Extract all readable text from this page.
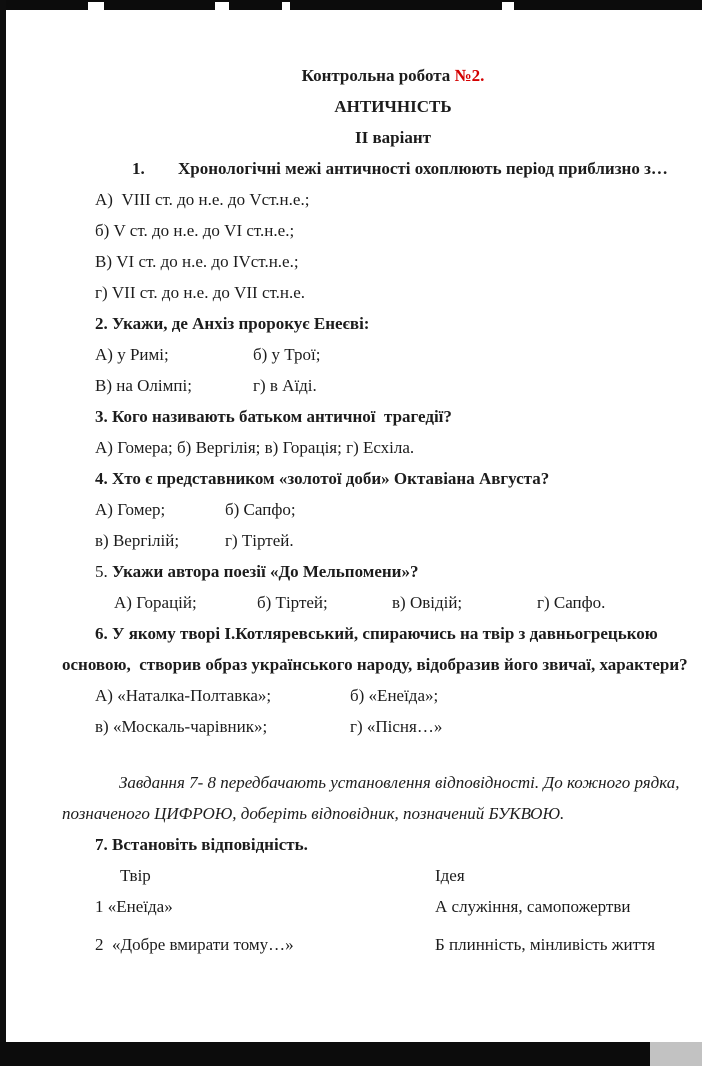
Контрольна робота №2.

АНТИЧНІСТЬ

ІІ варіант

1. Хронологічні межі античності охоплюють період приблизно з…

А)  VIII ст. до н.е. до Vст.н.е.;

б) V ст. до н.е. до VI ст.н.е.;

В) VI ст. до н.е. до IVст.н.е.;

г) VII ст. до н.е. до VII ст.н.е.

2. Укажи, де Анхіз пророкує Енеєві:

А) у Римі;	б) у Трої;
В) на Олімпі;	г) в Аїді.

3. Кого називають батьком античної  трагедії?

А) Гомера; б) Вергілія; в) Горація; г) Есхіла.

4. Хто є представником «золотої доби» Октавіана Августа?

А) Гомер;	б) Сапфо;
в) Вергілій;	г) Тіртей.

5. Укажи автора поезії «До Мельпомени»?

А) Горацій;	б) Тіртей;	в) Овідій;	г) Сапфо.

6. У якому творі І.Котляревський, спираючись на твір з давньогрецькою основою,  створив образ українського народу, відобразив його звичаї, характери?

А) «Наталка-Полтавка»;	б) «Енеїда»;
в) «Москаль-чарівник»;	г) «Пісня…»

Завдання 7- 8 передбачають установлення відповідності. До кожного рядка, позначеного ЦИФРОЮ, доберіть відповідник, позначений БУКВОЮ.

7. Встановіть відповідність.

Твір	Ідея
1 «Енеїда»	А служіння, самопожертви
2  «Добре вмирати тому…»	Б плинність, мінливість життя
